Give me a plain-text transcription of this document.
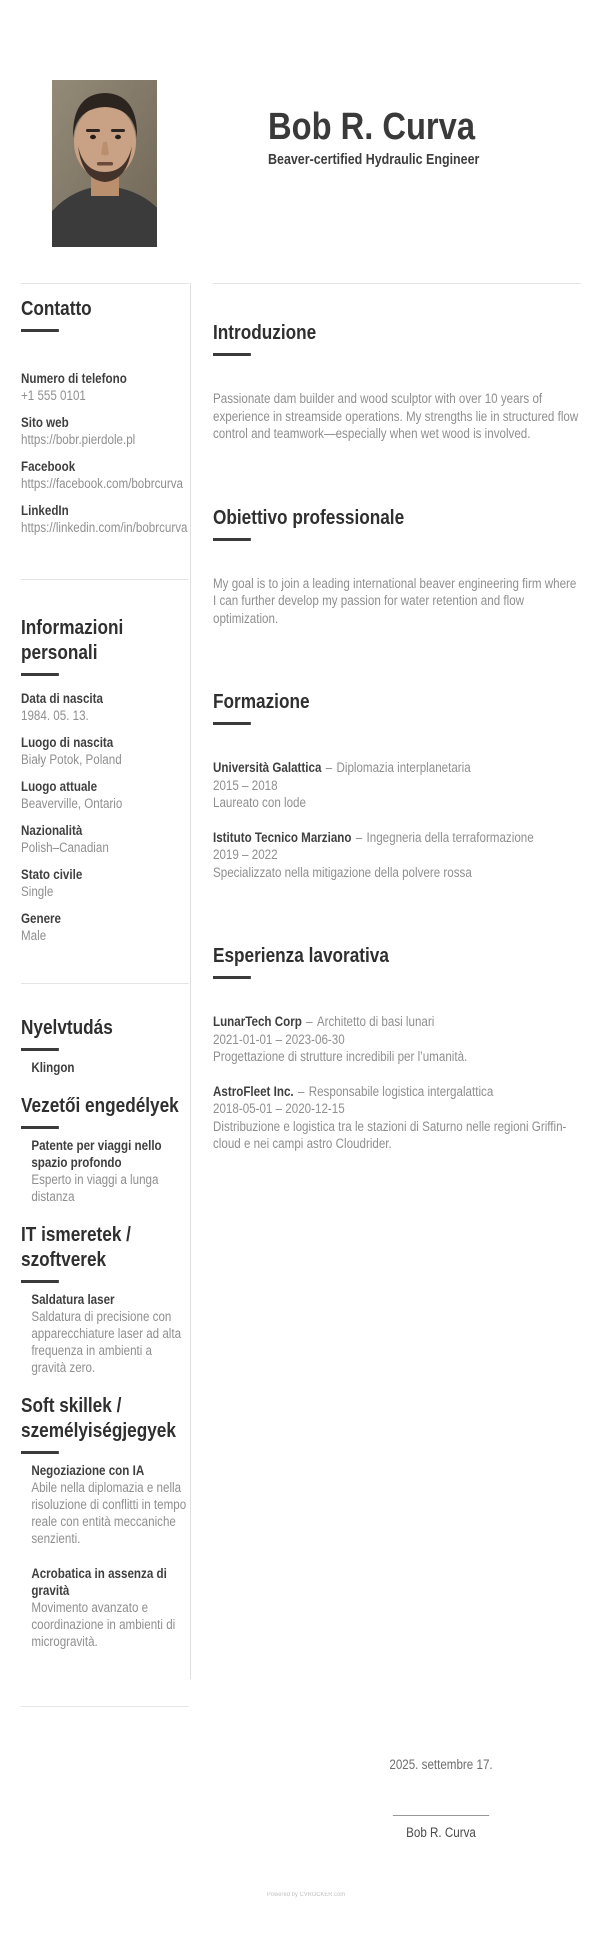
Bob R. Curva
Beaver-certified Hydraulic Engineer
Contatto
Numero di telefono
+1 555 0101
Sito web
https://bobr.pierdole.pl
Facebook
https://facebook.com/bobrcurva
LinkedIn
https://linkedin.com/in/bobrcurva
Informazioni personali
Data di nascita
1984. 05. 13.
Luogo di nascita
Biały Potok, Poland
Luogo attuale
Beaverville, Ontario
Nazionalità
Polish–Canadian
Stato civile
Single
Genere
Male
Nyelvtudás
Klingon
Vezetői engedélyek
Patente per viaggi nello spazio profondo
Esperto in viaggi a lunga distanza
IT ismeretek / szoftverek
Saldatura laser
Saldatura di precisione con apparecchiature laser ad alta frequenza in ambienti a gravità zero.
Soft skillek / személyiségjegyek
Negoziazione con IA
Abile nella diplomazia e nella risoluzione di conflitti in tempo reale con entità meccaniche senzienti.
Acrobatica in assenza di gravità
Movimento avanzato e coordinazione in ambienti di microgravità.
Introduzione

Passionate dam builder and wood sculptor with over 10 years of experience in streamside operations. My strengths lie in structured flow control and teamwork—especially when wet wood is involved.

Obiettivo professionale

My goal is to join a leading international beaver engineering firm where I can further develop my passion for water retention and flow optimization.

Formazione
Università Galattica – Diplomazia interplanetaria
2015 – 2018
Laureato con lode
Istituto Tecnico Marziano – Ingegneria della terraformazione
2019 – 2022
Specializzato nella mitigazione della polvere rossa
Esperienza lavorativa
LunarTech Corp – Architetto di basi lunari
2021-01-01 – 2023-06-30
Progettazione di strutture incredibili per l’umanità.
AstroFleet Inc. – Responsabile logistica intergalattica
2018-05-01 – 2020-12-15
Distribuzione e logistica tra le stazioni di Saturno nelle regioni Griffin-cloud e nei campi astro Cloudrider.
2025. settembre 17.
Bob R. Curva
Powered by CVROCKER.com
